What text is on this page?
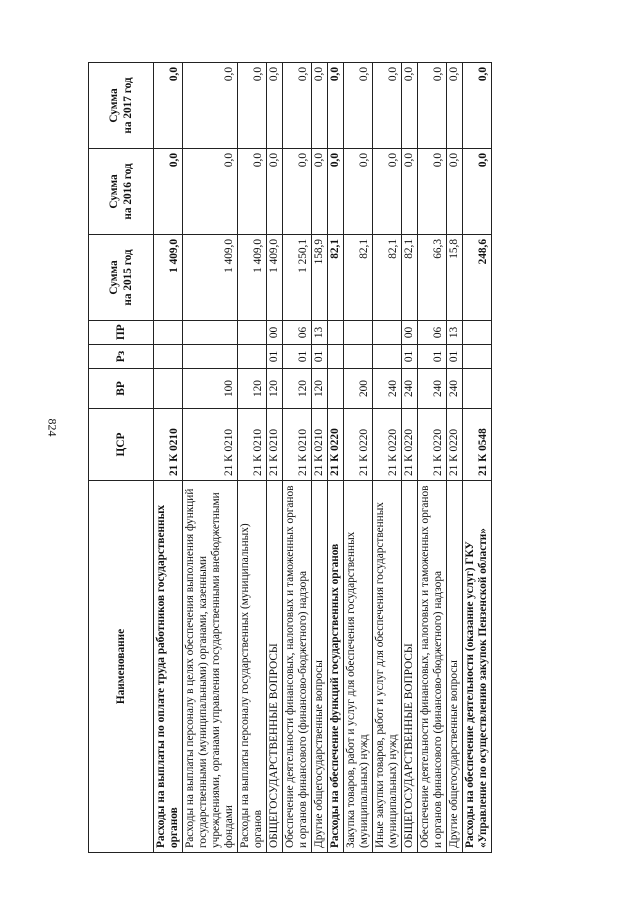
824
Наименование	ЦСР	ВР	Рз	ПР	Сумма на 2015 год	Сумма на 2016 год	Сумма на 2017 год
Расходы на выплаты по оплате труда работников государственных органов	21 К 0210				1 409,0	0,0	0,0
Расходы на выплаты персоналу в целях обеспечения выполнения функций государственными (муниципальными) органами, казенными учреждениями, органами управления государственными внебюджетными фондами	21 К 0210	100			1 409,0	0,0	0,0
Расходы на выплаты персоналу государственных (муниципальных) органов	21 К 0210	120			1 409,0	0,0	0,0
ОБЩЕГОСУДАРСТВЕННЫЕ ВОПРОСЫ	21 К 0210	120	01	00	1 409,0	0,0	0,0
Обеспечение деятельности финансовых, налоговых и таможенных органов и органов финансового (финансово-бюджетного) надзора	21 К 0210	120	01	06	1 250,1	0,0	0,0
Другие общегосударственные вопросы	21 К 0210	120	01	13	158,9	0,0	0,0
Расходы на обеспечение функций государственных органов	21 К 0220				82,1	0,0	0,0
Закупка товаров, работ и услуг для обеспечения государственных (муниципальных) нужд	21 К 0220	200			82,1	0,0	0,0
Иные закупки товаров, работ и услуг для обеспечения государственных (муниципальных) нужд	21 К 0220	240			82,1	0,0	0,0
ОБЩЕГОСУДАРСТВЕННЫЕ ВОПРОСЫ	21 К 0220	240	01	00	82,1	0,0	0,0
Обеспечение деятельности финансовых, налоговых и таможенных органов и органов финансового (финансово-бюджетного) надзора	21 К 0220	240	01	06	66,3	0,0	0,0
Другие общегосударственные вопросы	21 К 0220	240	01	13	15,8	0,0	0,0
Расходы на обеспечение деятельности (оказание услуг) ГКУ «Управление по осуществлению закупок Пензенской области»	21 К 0548				248,6	0,0	0,0
